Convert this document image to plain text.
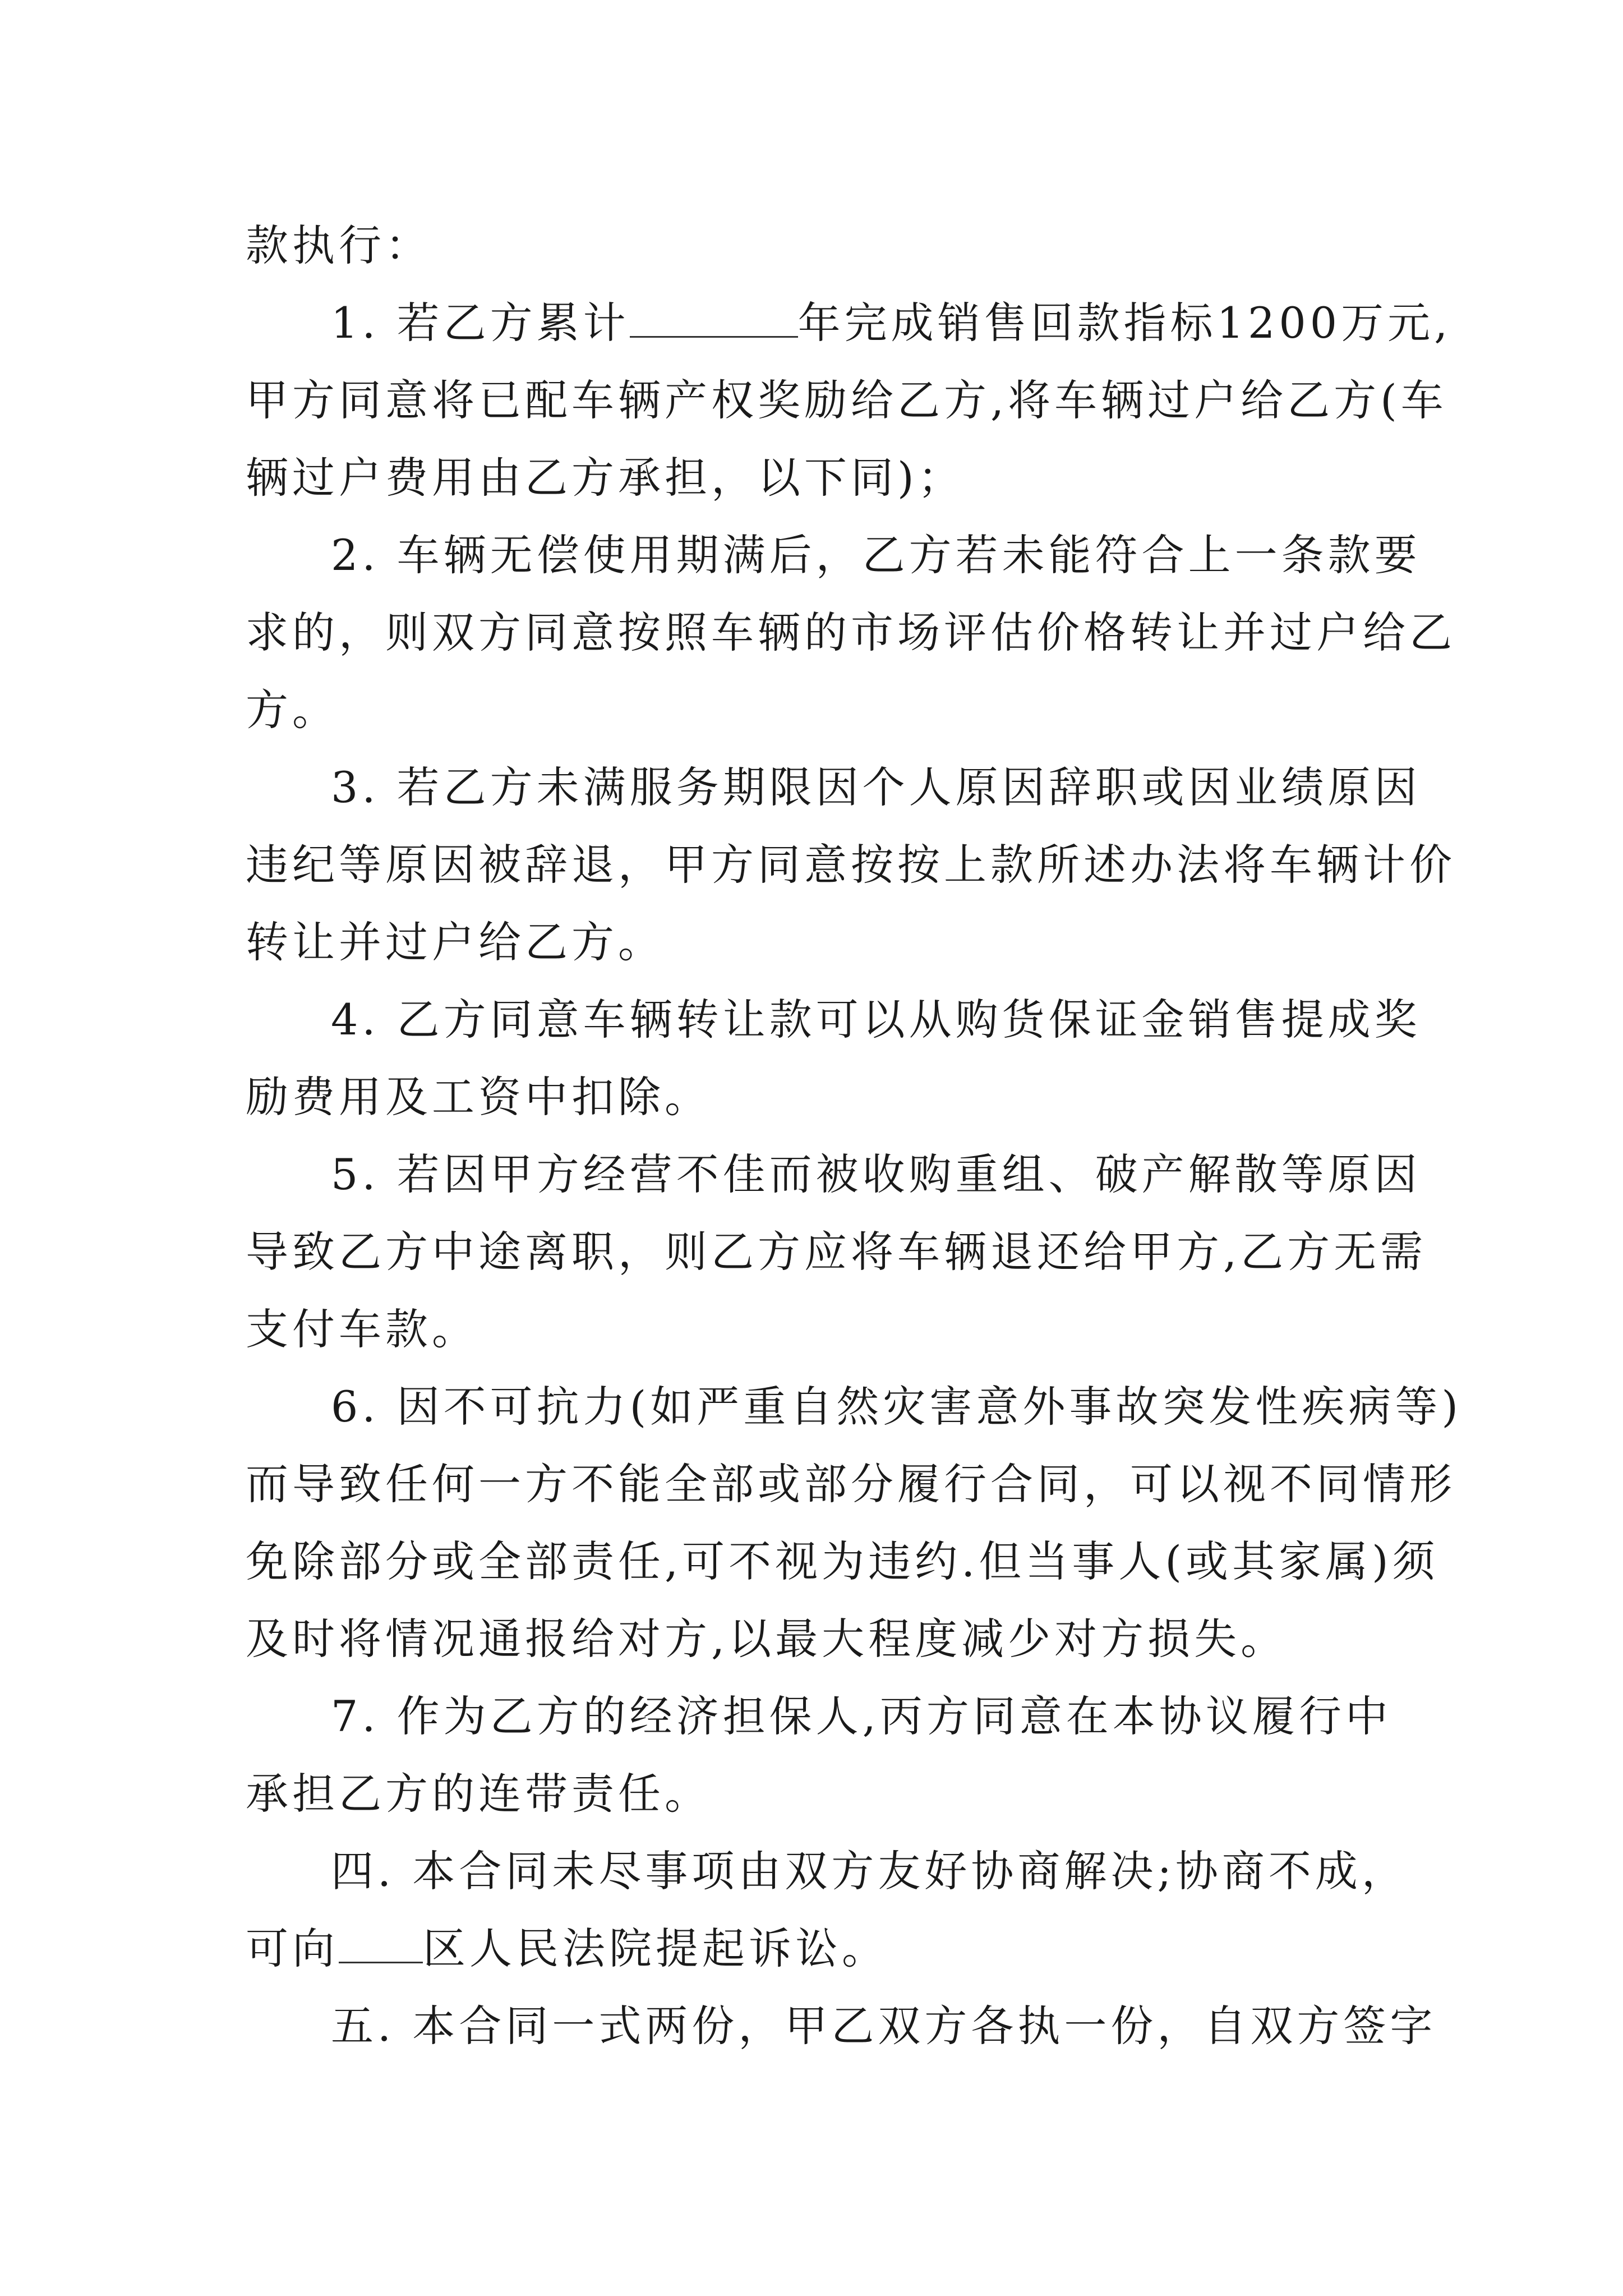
款执行：
1. 若乙方累计	年完成销售回款指标1200万元,
甲方同意将已配车辆产权奖励给乙方,将车辆过户给乙方(车
辆过户费用由乙方承担，以下同)；
2. 车辆无偿使用期满后，乙方若未能符合上一条款要
求的，则双方同意按照车辆的市场评估价格转让并过户给乙
方。
3. 若乙方未满服务期限因个人原因辞职或因业绩原因
违纪等原因被辞退，甲方同意按按上款所述办法将车辆计价
转让并过户给乙方。
4. 乙方同意车辆转让款可以从购货保证金销售提成奖
励费用及工资中扣除。
5. 若因甲方经营不佳而被收购重组、破产解散等原因
导致乙方中途离职，则乙方应将车辆退还给甲方,乙方无需
支付车款。
6. 因不可抗力(如严重自然灾害意外事故突发性疾病等)
而导致任何一方不能全部或部分履行合同，可以视不同情形
免除部分或全部责任,可不视为违约.但当事人(或其家属)须
及时将情况通报给对方,以最大程度减少对方损失。
7. 作为乙方的经济担保人,丙方同意在本协议履行中
承担乙方的连带责任。
四. 本合同未尽事项由双方友好协商解决;协商不成，
可向 区人民法院提起诉讼。
五. 本合同一式两份，甲乙双方各执一份，自双方签字
